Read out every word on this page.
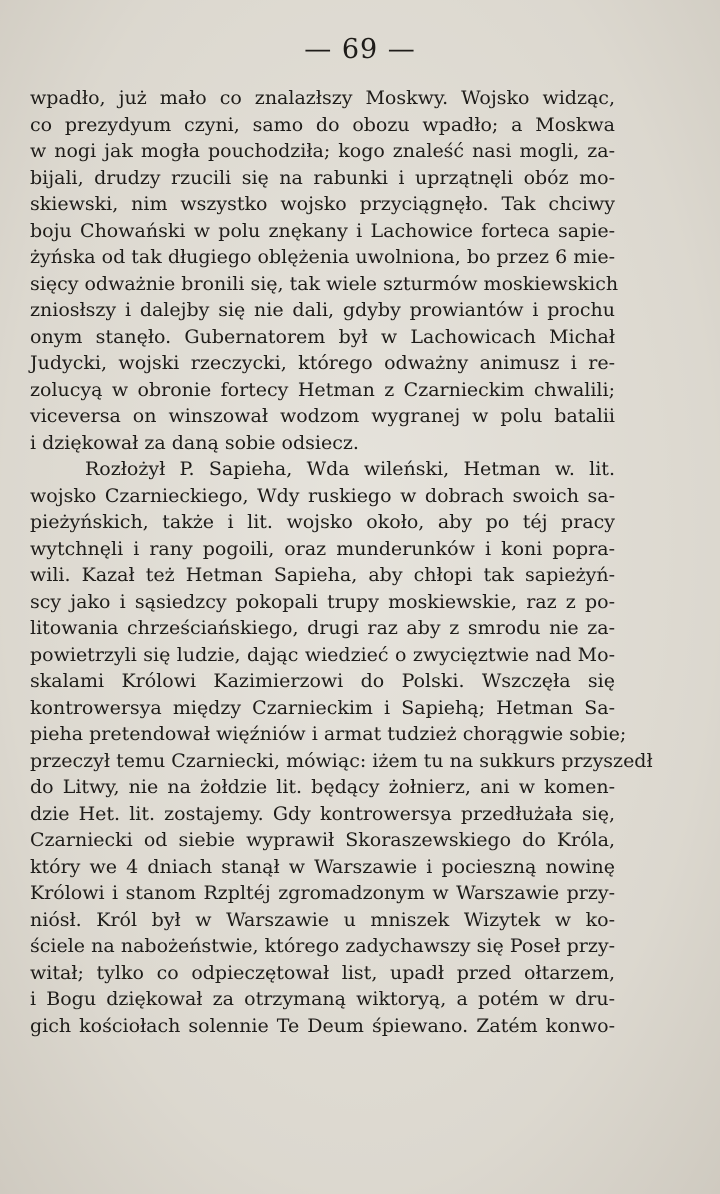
— 69 —
wpadło, już mało co znalazłszy Moskwy. Wojsko widząc,
co prezydyum czyni, samo do obozu wpadło; a Moskwa
w nogi jak mogła pouchodziła; kogo znaleść nasi mogli, za-
bijali, drudzy rzucili się na rabunki i uprzątnęli obóz mo-
skiewski, nim wszystko wojsko przyciągnęło. Tak chciwy
boju Chowański w polu znękany i Lachowice forteca sapie-
żyńska od tak długiego oblężenia uwolniona, bo przez 6 mie-
sięcy odważnie bronili się, tak wiele szturmów moskiewskich
zniosłszy i dalejby się nie dali, gdyby prowiantów i prochu
onym stanęło. Gubernatorem był w Lachowicach Michał
Judycki, wojski rzeczycki, którego odważny animusz i re-
zolucyą w obronie fortecy Hetman z Czarnieckim chwalili;
viceversa on winszował wodzom wygranej w polu batalii
i dziękował za daną sobie odsiecz.
Rozłożył P. Sapieha, Wda wileński, Hetman w. lit.
wojsko Czarnieckiego, Wdy ruskiego w dobrach swoich sa-
pieżyńskich, także i lit. wojsko około, aby po téj pracy
wytchnęli i rany pogoili, oraz munderunków i koni popra-
wili. Kazał też Hetman Sapieha, aby chłopi tak sapieżyń-
scy jako i sąsiedzcy pokopali trupy moskiewskie, raz z po-
litowania chrześciańskiego, drugi raz aby z smrodu nie za-
powietrzyli się ludzie, dając wiedzieć o zwycięztwie nad Mo-
skalami Królowi Kazimierzowi do Polski. Wszczęła się
kontrowersya między Czarnieckim i Sapiehą; Hetman Sa-
pieha pretendował więźniów i armat tudzież chorągwie sobie;
przeczył temu Czarniecki, mówiąc: iżem tu na sukkurs przyszedł
do Litwy, nie na żołdzie lit. będący żołnierz, ani w komen-
dzie Het. lit. zostajemy. Gdy kontrowersya przedłużała się,
Czarniecki od siebie wyprawił Skoraszewskiego do Króla,
który we 4 dniach stanął w Warszawie i pocieszną nowinę
Królowi i stanom Rzpltéj zgromadzonym w Warszawie przy-
niósł. Król był w Warszawie u mniszek Wizytek w ko-
ściele na nabożeństwie, którego zadychawszy się Poseł przy-
witał; tylko co odpieczętował list, upadł przed ołtarzem,
i Bogu dziękował za otrzymaną wiktoryą, a potém w dru-
gich kościołach solennie Te Deum śpiewano. Zatém konwo-
